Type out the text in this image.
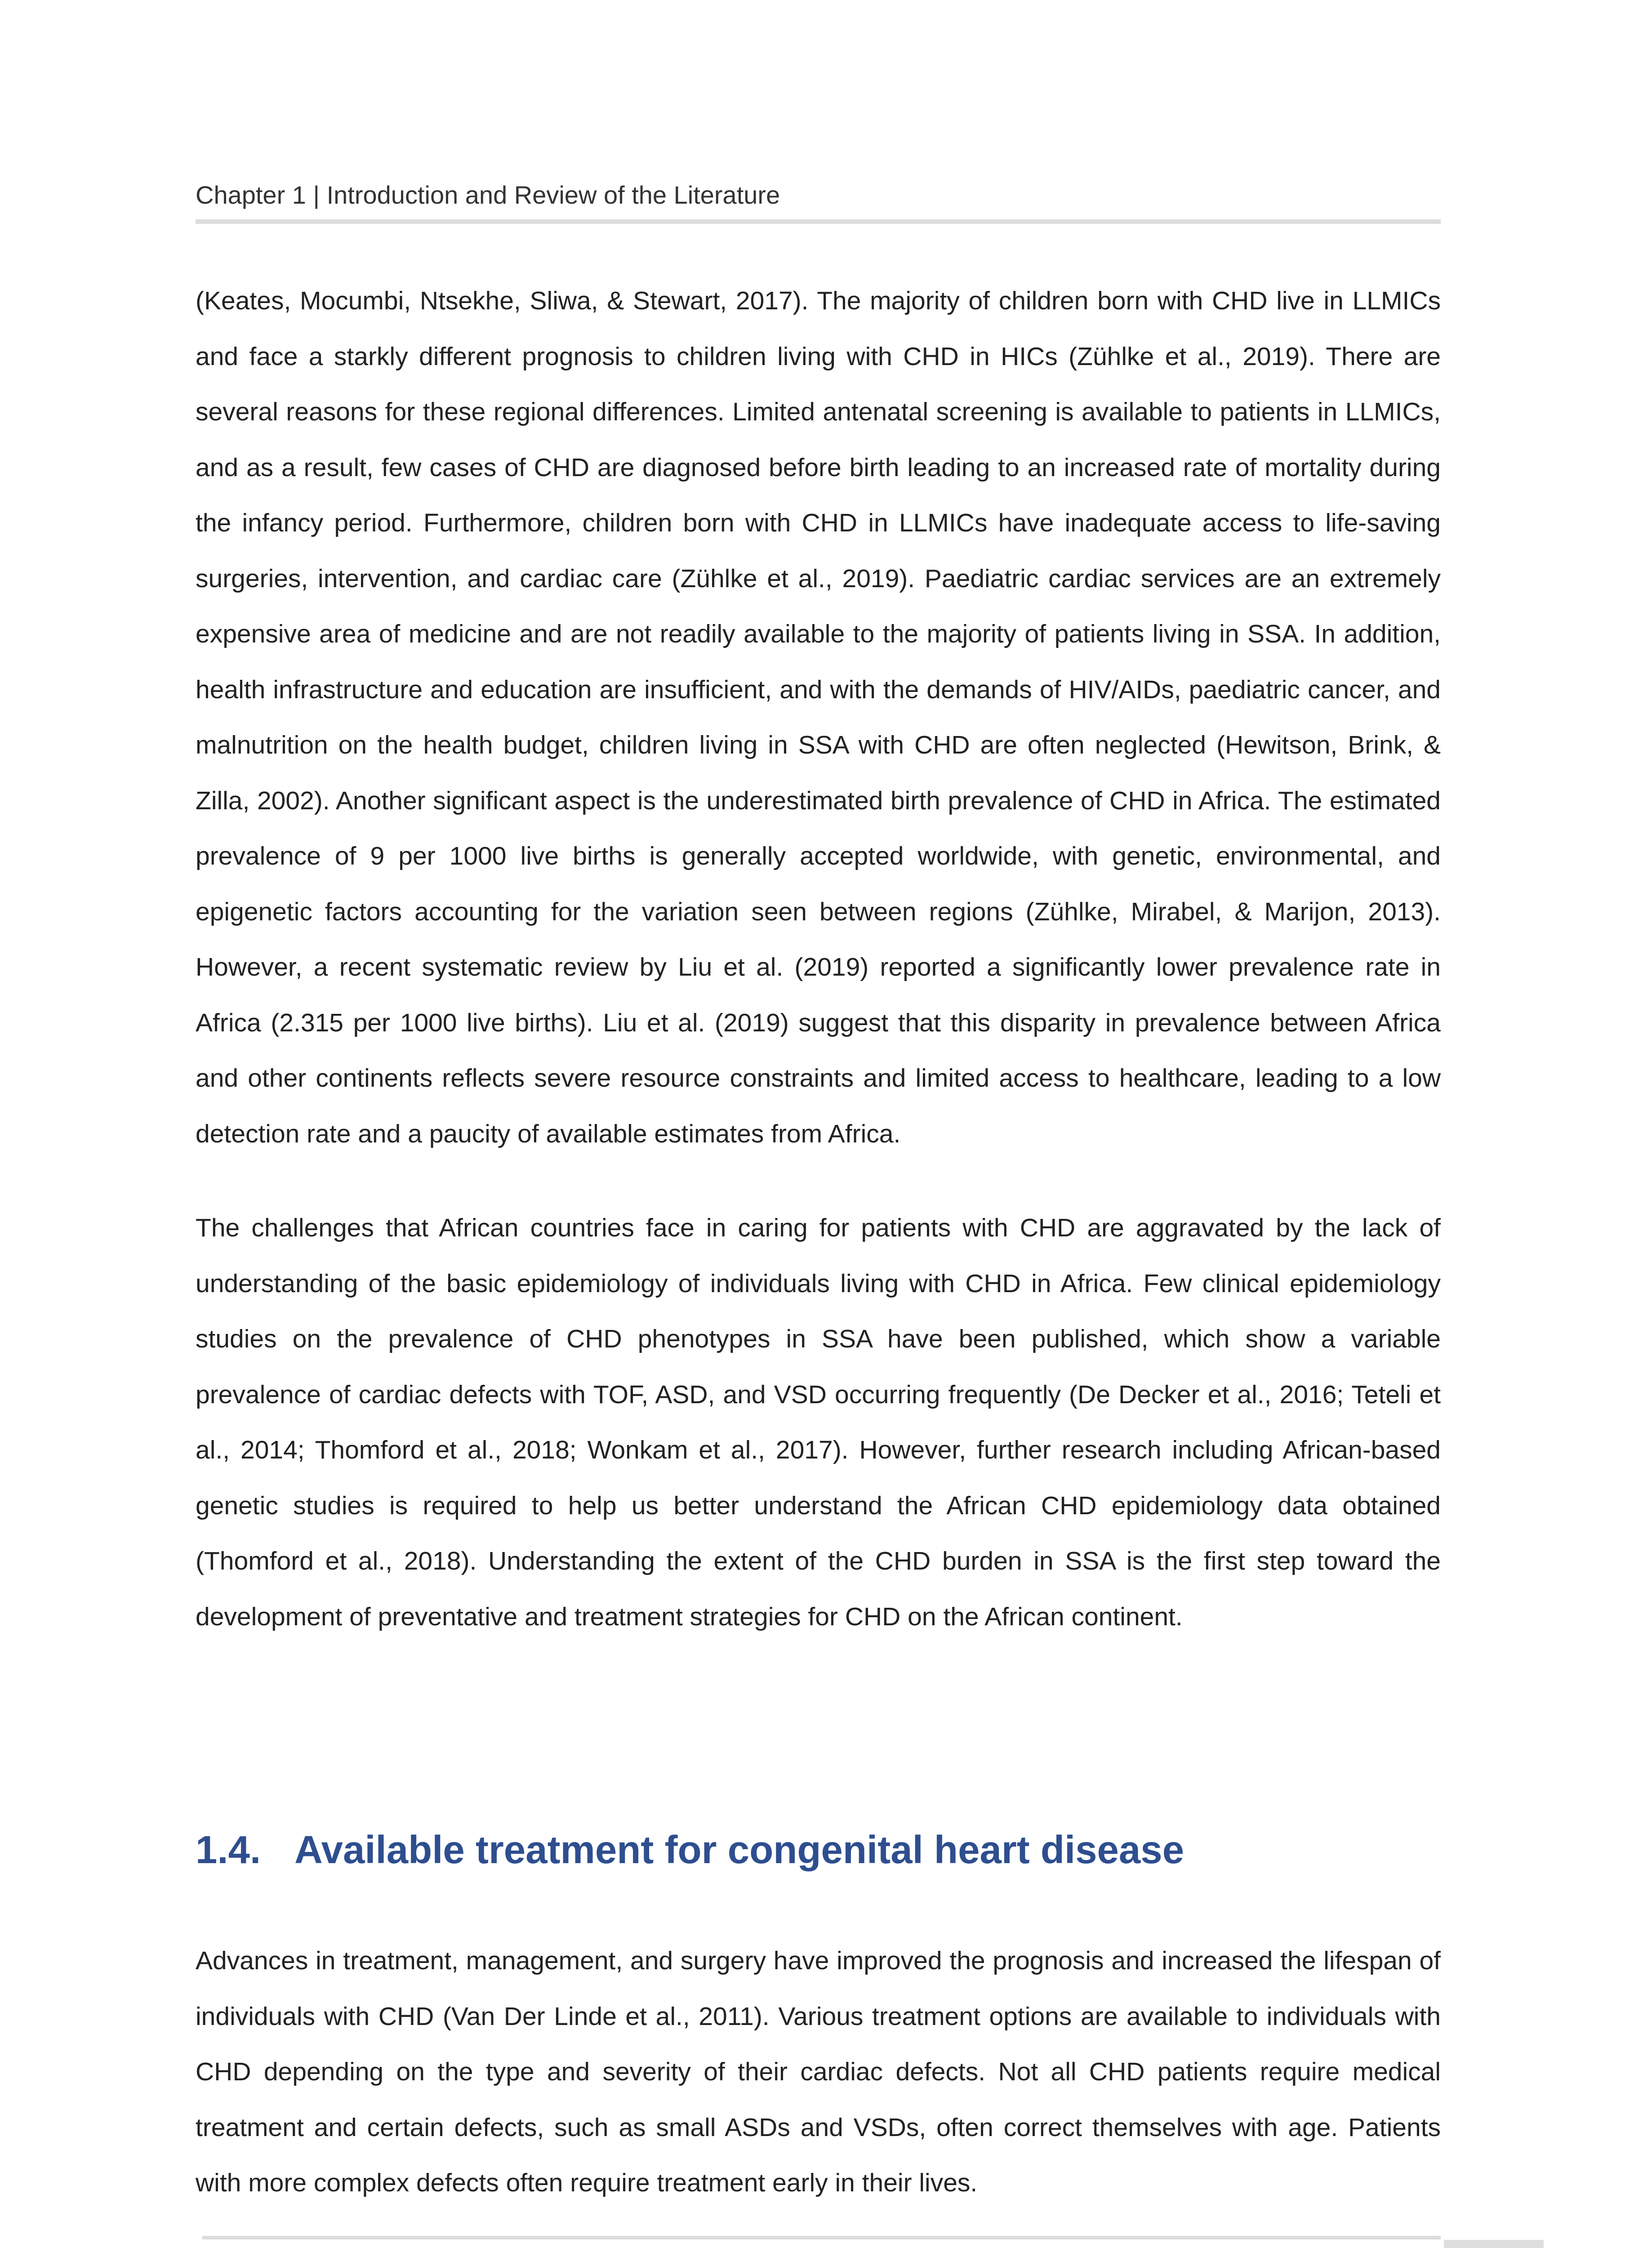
Chapter 1 | Introduction and Review of the Literature

(Keates, Mocumbi, Ntsekhe, Sliwa, & Stewart, 2017). The majority of children born with CHD live in LLMICs and face a starkly different prognosis to children living with CHD in HICs (Zühlke et al., 2019). There are several reasons for these regional differences. Limited antenatal screening is available to patients in LLMICs, and as a result, few cases of CHD are diagnosed before birth leading to an increased rate of mortality during the infancy period. Furthermore, children born with CHD in LLMICs have inadequate access to life-saving surgeries, intervention, and cardiac care (Zühlke et al., 2019). Paediatric cardiac services are an extremely expensive area of medicine and are not readily available to the majority of patients living in SSA. In addition, health infrastructure and education are insufficient, and with the demands of HIV/AIDs, paediatric cancer, and malnutrition on the health budget, children living in SSA with CHD are often neglected (Hewitson, Brink, & Zilla, 2002). Another significant aspect is the underestimated birth prevalence of CHD in Africa. The estimated prevalence of 9 per 1000 live births is generally accepted worldwide, with genetic, environmental, and epigenetic factors accounting for the variation seen between regions (Zühlke, Mirabel, & Marijon, 2013). However, a recent systematic review by Liu et al. (2019) reported a significantly lower prevalence rate in Africa (2.315 per 1000 live births). Liu et al. (2019) suggest that this disparity in prevalence between Africa and other continents reflects severe resource constraints and limited access to healthcare, leading to a low detection rate and a paucity of available estimates from Africa.

The challenges that African countries face in caring for patients with CHD are aggravated by the lack of understanding of the basic epidemiology of individuals living with CHD in Africa. Few clinical epidemiology studies on the prevalence of CHD phenotypes in SSA have been published, which show a variable prevalence of cardiac defects with TOF, ASD, and VSD occurring frequently (De Decker et al., 2016; Teteli et al., 2014; Thomford et al., 2018; Wonkam et al., 2017). However, further research including African-based genetic studies is required to help us better understand the African CHD epidemiology data obtained (Thomford et al., 2018). Understanding the extent of the CHD burden in SSA is the first step toward the development of preventative and treatment strategies for CHD on the African continent.

1.4. Available treatment for congenital heart disease

Advances in treatment, management, and surgery have improved the prognosis and increased the lifespan of individuals with CHD (Van Der Linde et al., 2011). Various treatment options are available to individuals with CHD depending on the type and severity of their cardiac defects. Not all CHD patients require medical treatment and certain defects, such as small ASDs and VSDs, often correct themselves with age. Patients with more complex defects often require treatment early in their lives.
